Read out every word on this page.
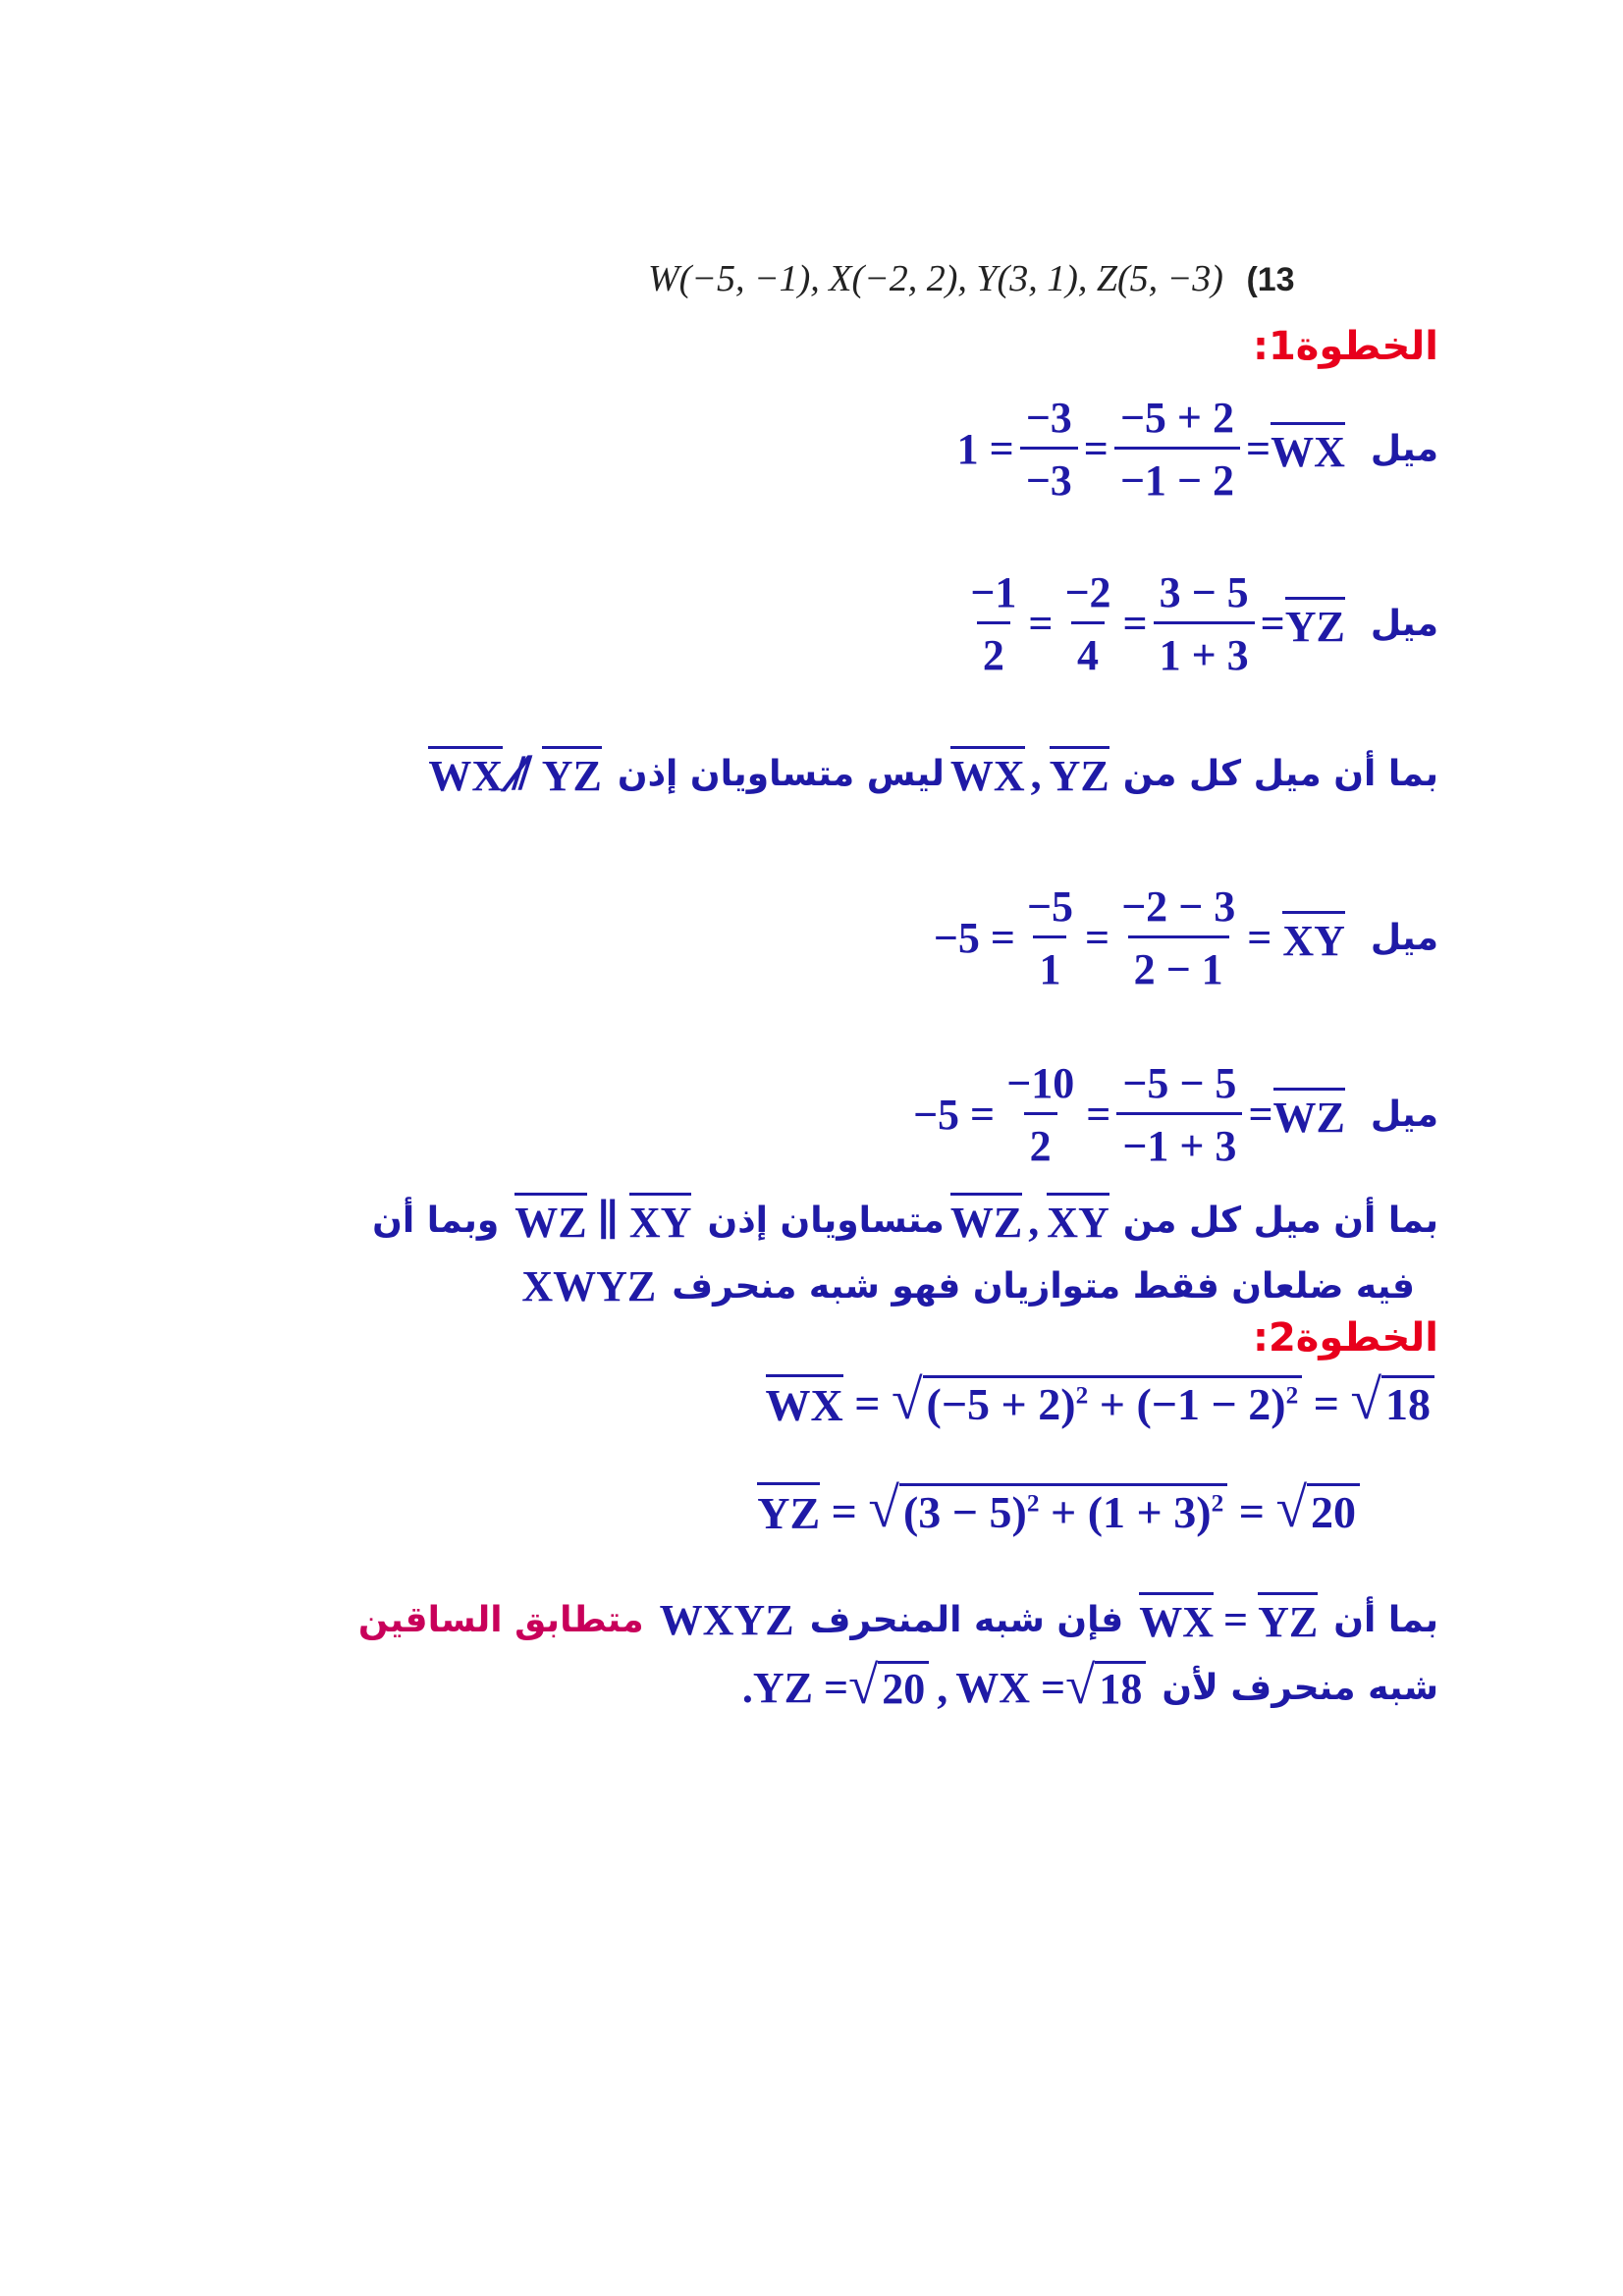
W(−5, −1), X(−2, 2), Y(3, 1), Z(5, −3) (13
الخطوة1:
$1 = \frac{-3}{-3} = \frac{-5 + 2}{-1 - 2}$ = WX ميل
$\frac{-1}{2} = \frac{-2}{4} = \frac{3 - 5}{1 + 3}$ = YZ ميل
بما أن ميل كل من
YZ
,
WX
ليس متساويان إذن
WX ⫽̸ YZ
$-5 = \frac{-5}{1} = \frac{-2 - 3}{2 - 1}$ = XY ميل
$-5 = \frac{-10}{2} = \frac{-5 - 5}{-1 + 3}$ = WZ ميل
بما أن ميل كل من
XY
,
WZ
متساويان إذن
WZ ∥ XY
وبما أن
فيه ضلعان فقط متوازيان فهو شبه منحرف
XWYZ
الخطوة2:
WX = √ $(-5 + 2)^2 + (-1 - 2)^2$ = √ 18
YZ = √ $(3 - 5)^2 + (1 + 3)^2$ = √ 20
بما أن
WX = YZ
فإن شبه المنحرف
WXYZ
متطابق الساقين
شبه منحرف لأن
. YZ = √ 20 , WX = √ 18
